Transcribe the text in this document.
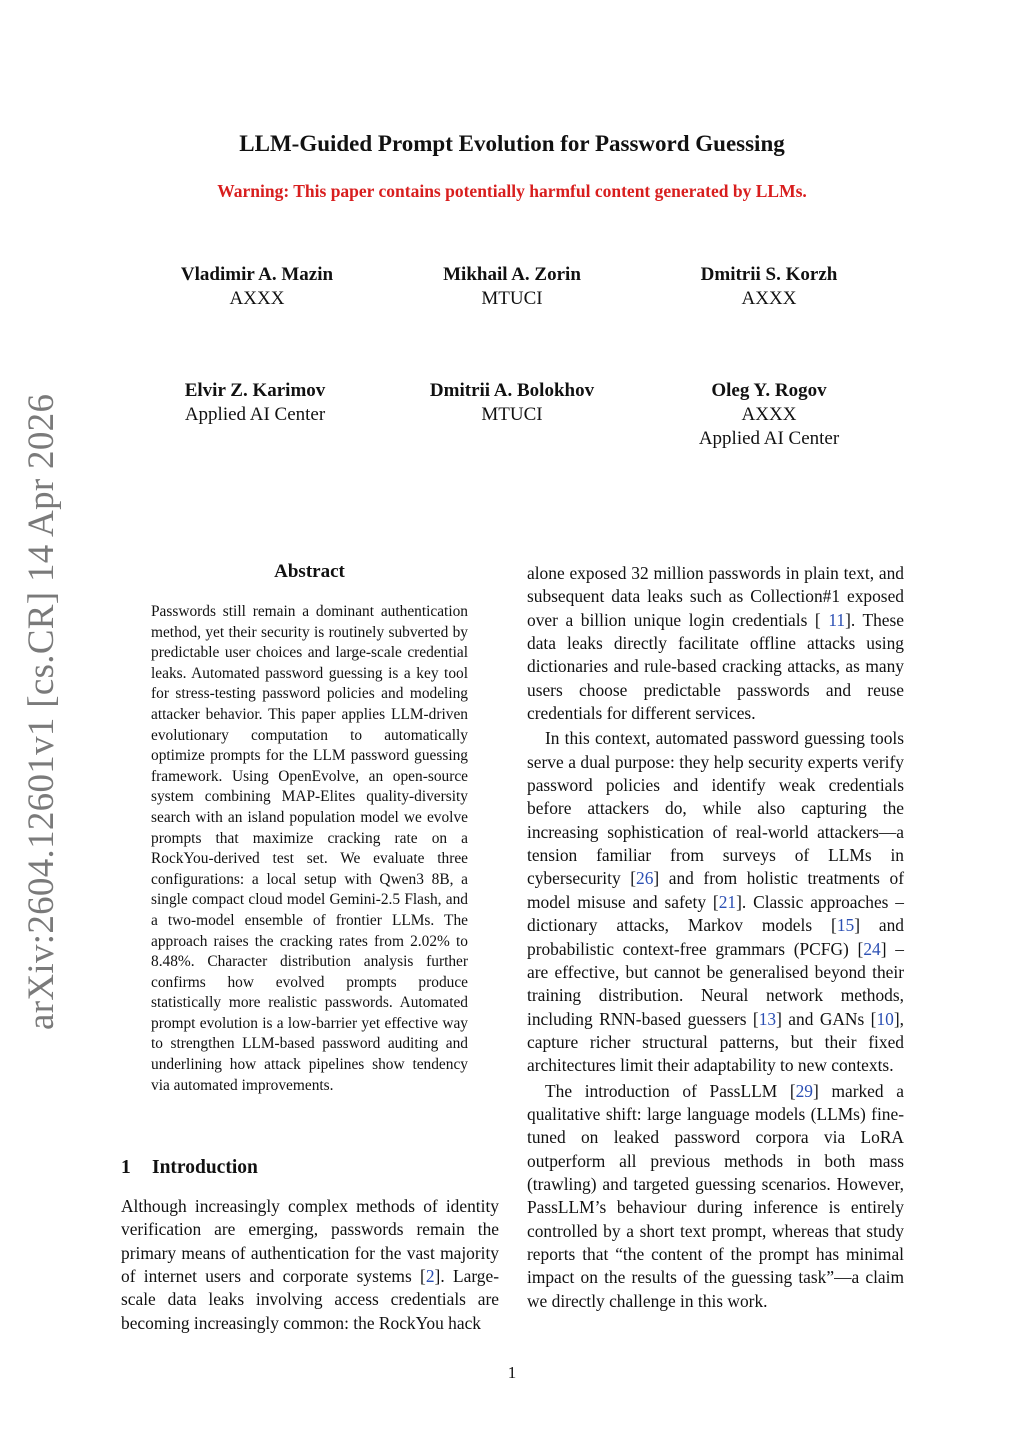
LLM-Guided Prompt Evolution for Password Guessing
Warning: This paper contains potentially harmful content generated by LLMs.
Vladimir A. Mazin
AXXX
Mikhail A. Zorin
MTUCI
Dmitrii S. Korzh
AXXX
Elvir Z. Karimov
Applied AI Center
Dmitrii A. Bolokhov
MTUCI
Oleg Y. Rogov
AXXX
Applied AI Center
arXiv:2604.12601v1 [cs.CR] 14 Apr 2026	Abstract
Passwords still remain a dominant authentication method, yet their security is routinely subverted by predictable user choices and large-scale credential leaks. Automated password guessing is a key tool for stress-testing password policies and modeling attacker behavior. This paper applies LLM-driven evolutionary computation to automatically optimize prompts for the LLM password guessing framework. Using OpenEvolve, an open-source system combining MAP-Elites quality-diversity search with an island population model we evolve prompts that maximize cracking rate on a RockYou-derived test set. We evaluate three configurations: a local setup with Qwen3 8B, a single compact cloud model Gemini-2.5 Flash, and a two-model ensemble of frontier LLMs. The approach raises the cracking rates from 2.02% to 8.48%. Character distribution analysis further confirms how evolved prompts produce statistically more realistic passwords. Automated prompt evolution is a low-barrier yet effective way to strengthen LLM-based password auditing and underlining how attack pipelines show tendency via automated improvements.
1 Introduction

Although increasingly complex methods of identity verification are emerging, passwords remain the primary means of authentication for the vast majority of internet users and corporate systems [2]. Large-scale data leaks involving access credentials are becoming increasingly common: the RockYou hack

alone exposed 32 million passwords in plain text, and subsequent data leaks such as Collection#1 exposed over a billion unique login credentials [ 11]. These data leaks directly facilitate offline attacks using dictionaries and rule-based cracking attacks, as many users choose predictable passwords and reuse credentials for different services.

In this context, automated password guessing tools serve a dual purpose: they help security experts verify password policies and identify weak credentials before attackers do, while also capturing the increasing sophistication of real-world attackers—a tension familiar from surveys of LLMs in cybersecurity [26] and from holistic treatments of model misuse and safety [21]. Classic approaches – dictionary attacks, Markov models [15] and probabilistic context-free grammars (PCFG) [24] – are effective, but cannot be generalised beyond their training distribution. Neural network methods, including RNN-based guessers [13] and GANs [10], capture richer structural patterns, but their fixed architectures limit their adaptability to new contexts.

The introduction of PassLLM [29] marked a qualitative shift: large language models (LLMs) fine-tuned on leaked password corpora via LoRA outperform all previous methods in both mass (trawling) and targeted guessing scenarios. However, PassLLM’s behaviour during inference is entirely controlled by a short text prompt, whereas that study reports that “the content of the prompt has minimal impact on the results of the guessing task”—a claim we directly challenge in this work.

1
